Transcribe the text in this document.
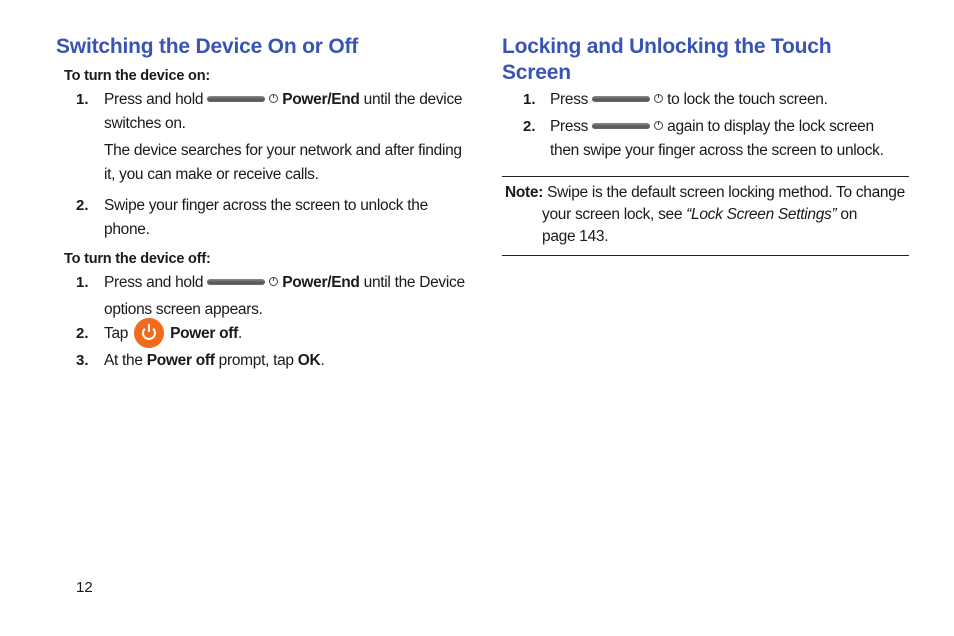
Switching the Device On or Off
To turn the device on:
1. Press and hold	Power/End until the device
switches on.
The device searches for your network and after finding
it, you can make or receive calls.
2. Swipe your finger across the screen to unlock the
phone.
To turn the device off:
1. Press and hold	Power/End until the Device
options screen appears.
2. Tap	Power off.
3. At the Power off prompt, tap OK.
Locking and Unlocking the Touch
Screen
1. Press	to lock the touch screen.
2. Press	again to display the lock screen
then swipe your finger across the screen to unlock.
Note: Swipe is the default screen locking method. To change
your screen lock, see “Lock Screen Settings” on
page 143.
12
